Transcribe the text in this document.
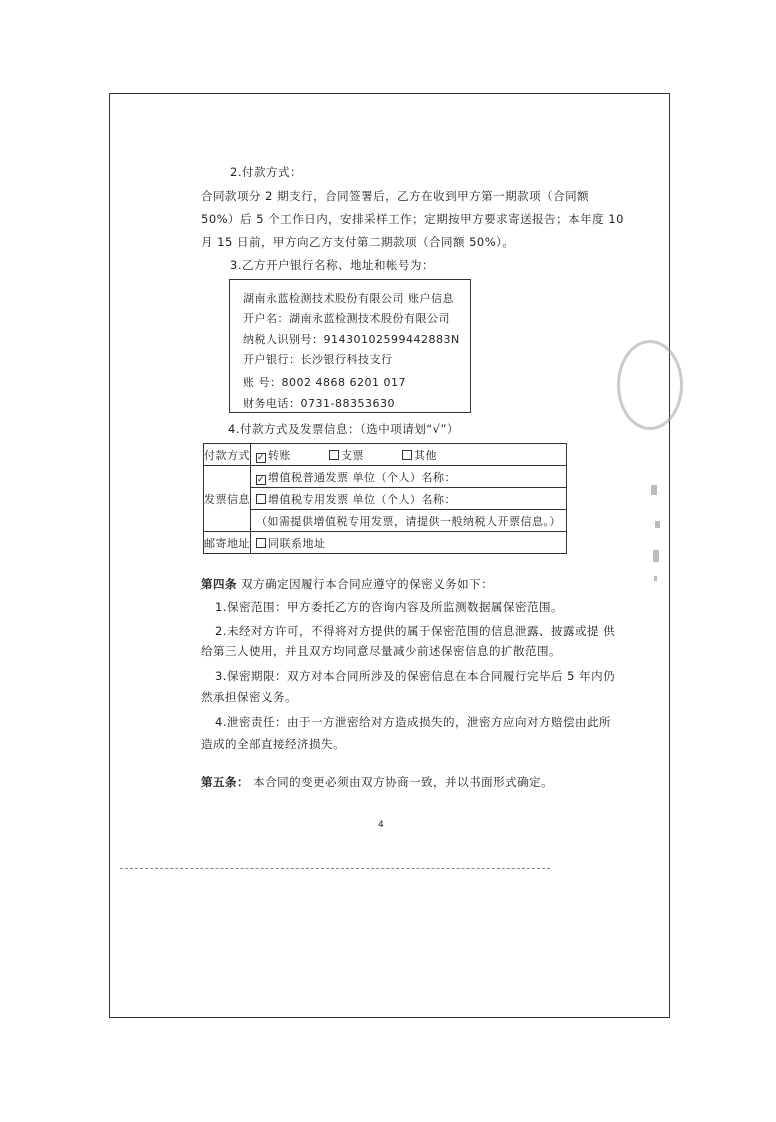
2.付款方式：
合同款项分 2 期支行，合同签署后，乙方在收到甲方第一期款项（合同额
50%）后 5 个工作日内，安排采样工作；定期按甲方要求寄送报告；本年度 10
月 15 日前，甲方向乙方支付第二期款项（合同额 50%）。
3.乙方开户银行名称、地址和帐号为：
湖南永蓝检测技术股份有限公司 账户信息
开户名：湖南永蓝检测技术股份有限公司
纳税人识别号：91430102599442883N
开户银行：长沙银行科技支行
账 号：8002 4868 6201 017
财务电话：0731-88353630
4.付款方式及发票信息：（选中项请划“√”）
付款方式	✓ 转账 支票 其他
发票信息	✓ 增值税普通发票 单位（个人）名称：
	增值税专用发票 单位（个人）名称：
	（如需提供增值税专用发票，请提供一般纳税人开票信息。）
邮寄地址	同联系地址
第四条 双方确定因履行本合同应遵守的保密义务如下：
1.保密范围：甲方委托乙方的咨询内容及所监测数据属保密范围。
2.未经对方许可，不得将对方提供的属于保密范围的信息泄露、披露或提 供
给第三人使用，并且双方均同意尽量减少前述保密信息的扩散范围。
3.保密期限：双方对本合同所涉及的保密信息在本合同履行完毕后 5 年内仍
然承担保密义务。
4.泄密责任：由于一方泄密给对方造成损失的，泄密方应向对方赔偿由此所
造成的全部直接经济损失。
第五条： 本合同的变更必须由双方协商一致，并以书面形式确定。
4
